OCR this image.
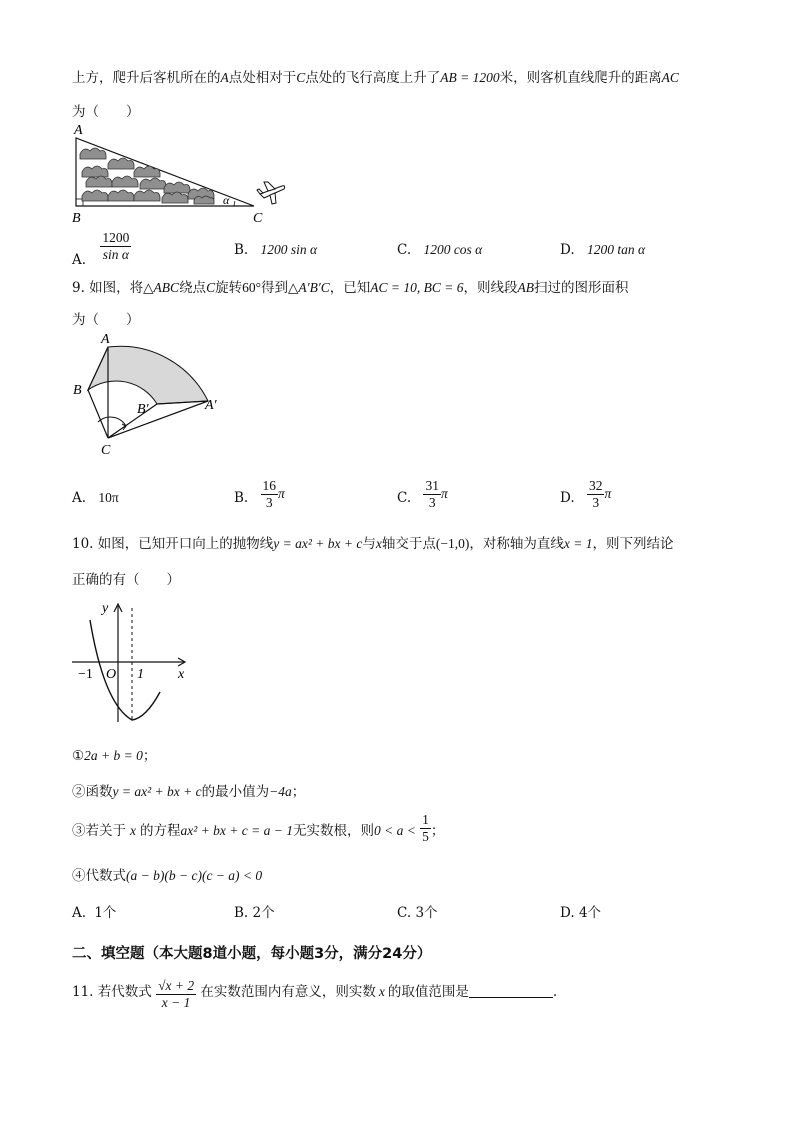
上方，爬升后客机所在的A点处相对于C点处的飞行高度上升了AB = 1200米，则客机直线爬升的距离AC
为（　　）
A
B	C
α
A. $\frac{1200}{\text{sin α}}$	B. 1200 sin α	C. 1200 cos α	D. 1200 tan α
9. 如图，将△ABC绕点C旋转60°得到△A′B′C，已知AC = 10, BC = 6，则线段AB扫过的图形面积
为（　　）
A
B
C
B′	A′
A. 10π	B. $\frac{16}{3}$ π	C. $\frac{31}{3}$ π	D. $\frac{32}{3}$ π
10. 如图，已知开口向上的抛物线y = ax² + bx + c与x轴交于点(−1,0)，对称轴为直线x = 1，则下列结论
正确的有（　　）
y
x
O
−1	1
①2a + b = 0；
②函数y = ax² + bx + c的最小值为−4a；
③若关于 x 的方程ax² + bx + c = a − 1无实数根，则$0 < a < \frac{1}{5}$ ；
④代数式(a − b)(b − c)(c − a) < 0
A. 1个	B. 2个	C. 3个	D. 4个
二、填空题（本大题8道小题，每小题3分，满分24分）
11. 若代数式 $\frac{√x + 2}{x - 1}$ 在实数范围内有意义，则实数 x 的取值范围是	.
